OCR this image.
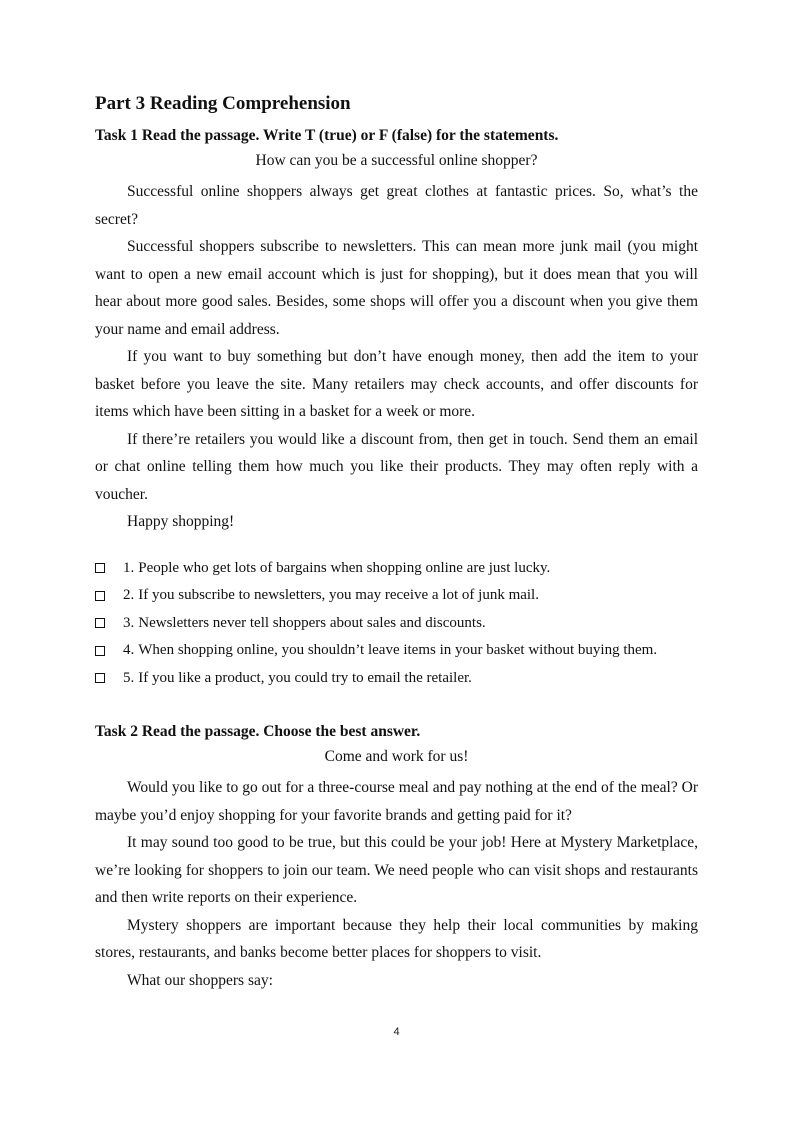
Part 3 Reading Comprehension
Task 1 Read the passage. Write T (true) or F (false) for the statements.
How can you be a successful online shopper?

Successful online shoppers always get great clothes at fantastic prices. So, what’s the secret?

Successful shoppers subscribe to newsletters. This can mean more junk mail (you might want to open a new email account which is just for shopping), but it does mean that you will hear about more good sales. Besides, some shops will offer you a discount when you give them your name and email address.

If you want to buy something but don’t have enough money, then add the item to your basket before you leave the site. Many retailers may check accounts, and offer discounts for items which have been sitting in a basket for a week or more.

If there’re retailers you would like a discount from, then get in touch. Send them an email or chat online telling them how much you like their products. They may often reply with a voucher.

Happy shopping!

1. People who get lots of bargains when shopping online are just lucky.
2. If you subscribe to newsletters, you may receive a lot of junk mail.
3. Newsletters never tell shoppers about sales and discounts.
4. When shopping online, you shouldn’t leave items in your basket without buying them.
5. If you like a product, you could try to email the retailer.
Task 2 Read the passage. Choose the best answer.
Come and work for us!

Would you like to go out for a three-course meal and pay nothing at the end of the meal? Or maybe you’d enjoy shopping for your favorite brands and getting paid for it?

It may sound too good to be true, but this could be your job! Here at Mystery Marketplace, we’re looking for shoppers to join our team. We need people who can visit shops and restaurants and then write reports on their experience.

Mystery shoppers are important because they help their local communities by making stores, restaurants, and banks become better places for shoppers to visit.

What our shoppers say:

4
